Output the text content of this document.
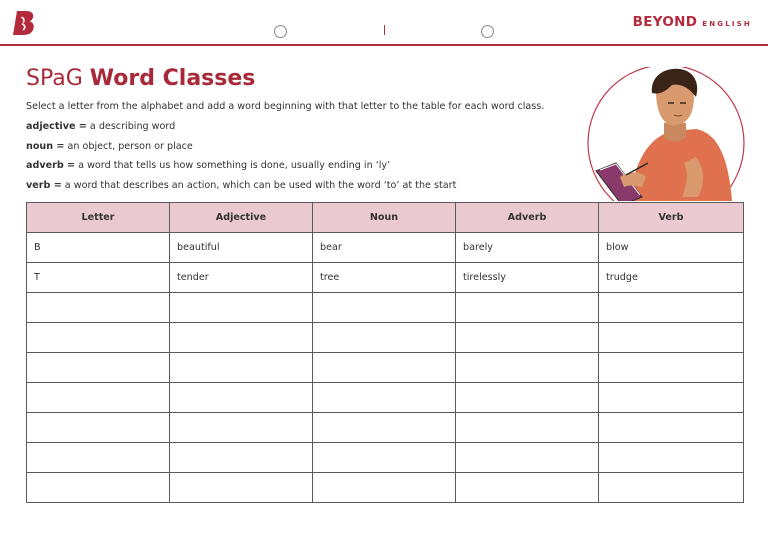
BEYOND ENGLISH
SPaG Word Classes
Select a letter from the alphabet and add a word beginning with that letter to the table for each word class.
adjective = a describing word
noun = an object, person or place
adverb = a word that tells us how something is done, usually ending in ‘ly’
verb = a word that describes an action, which can be used with the word ‘to’ at the start
Letter	Adjective	Noun	Adverb	Verb
B	beautiful	bear	barely	blow
T	tender	tree	tirelessly	trudge
